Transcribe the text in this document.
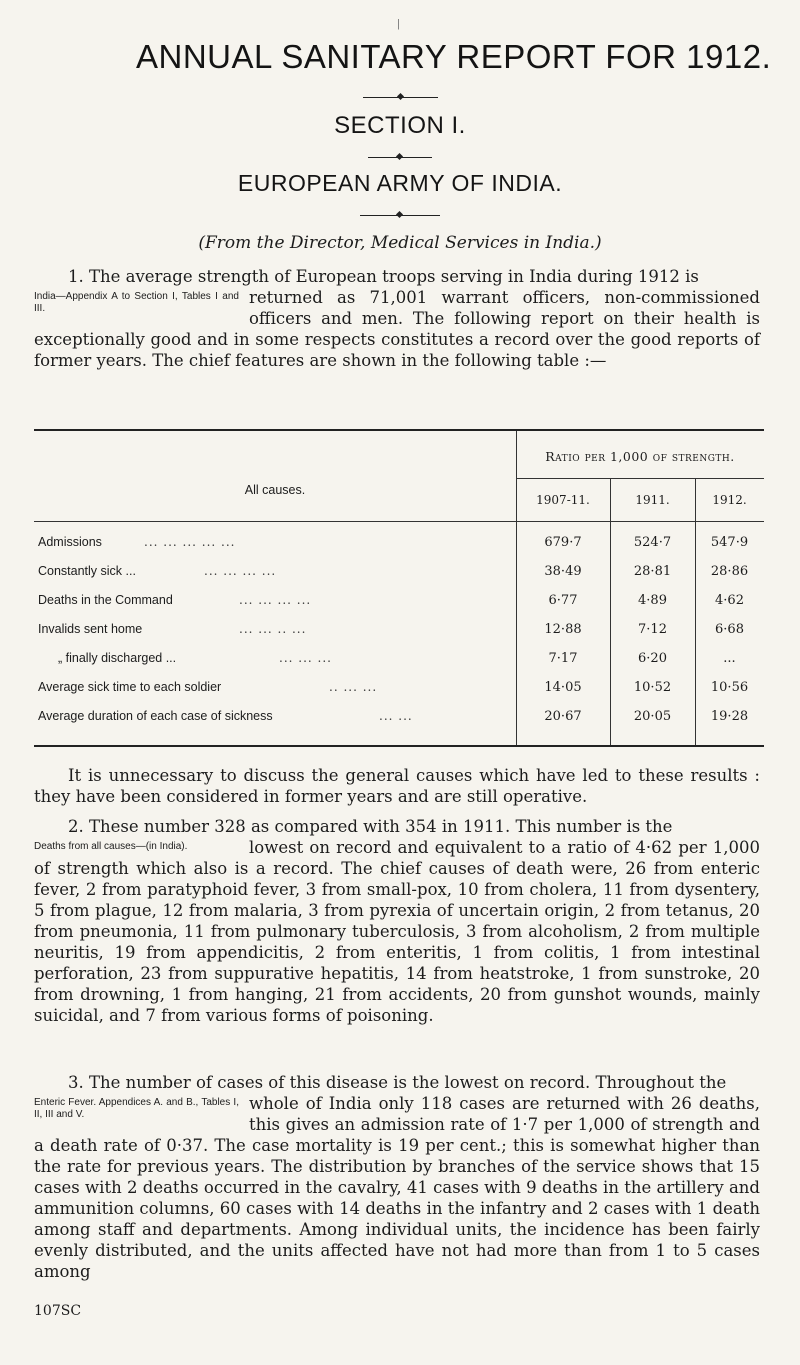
|
ANNUAL SANITARY REPORT FOR 1912.
SECTION I.
EUROPEAN ARMY OF INDIA.
(From the Director, Medical Services in India.)

1. The average strength of European troops serving in India during 1912 is

India—Appendix A to Section I, Tables I and III.
returned as 71,001 warrant officers, non-commissioned officers and men. The following report on their health is exceptionally good and in some respects constitutes a record over the good reports of former years. The chief features are shown in the following table :—

All causes.
Ratio per 1,000 of strength.
1907-11.	1911.	1912.
Admissions	... ... ... ... ...	679·7	524·7	547·9
Constantly sick ...	... ... ... ...	38·49	28·81	28·86
Deaths in the Command	... ... ... ...	6·77	4·89	4·62
Invalids sent home	... ... .. ...	12·88	7·12	6·68
„ finally discharged ...	... ... ...	7·17	6·20	...
Average sick time to each soldier	.. ... ...	14·05	10·52	10·56
Average duration of each case of sickness	... ...	20·67	20·05	19·28

It is unnecessary to discuss the general causes which have led to these results : they have been considered in former years and are still operative.

2. These number 328 as compared with 354 in 1911. This number is the

Deaths from all causes—(in India).	lowest on record and equivalent to a ratio of 4·62 per 1,000 of strength which also is a record. The chief causes of death were, 26 from enteric fever, 2 from paratyphoid fever, 3 from small-pox, 10 from cholera, 11 from dysentery, 5 from plague, 12 from malaria, 3 from pyrexia of uncertain origin, 2 from tetanus, 20 from pneumonia, 11 from pulmonary tuberculosis, 3 from alcoholism, 2 from multiple neuritis, 19 from appendicitis, 2 from enteritis, 1 from colitis, 1 from intestinal perforation, 23 from suppurative hepatitis, 14 from heatstroke, 1 from sunstroke, 20 from drowning, 1 from hanging, 21 from accidents, 20 from gunshot wounds, mainly suicidal, and 7 from various forms of poisoning.

3. The number of cases of this disease is the lowest on record. Throughout the

Enteric Fever. Appendices A. and B., Tables I, II, III and V.
whole of India only 118 cases are returned with 26 deaths, this gives an admission rate of 1·7 per 1,000 of strength and a death rate of 0·37. The case mortality is 19 per cent.; this is somewhat higher than the rate for previous years. The distribution by branches of the service shows that 15 cases with 2 deaths occurred in the cavalry, 41 cases with 9 deaths in the artillery and ammunition columns, 60 cases with 14 deaths in the infantry and 2 cases with 1 death among staff and departments. Among individual units, the incidence has been fairly evenly distributed, and the units affected have not had more than from 1 to 5 cases among

107SC
